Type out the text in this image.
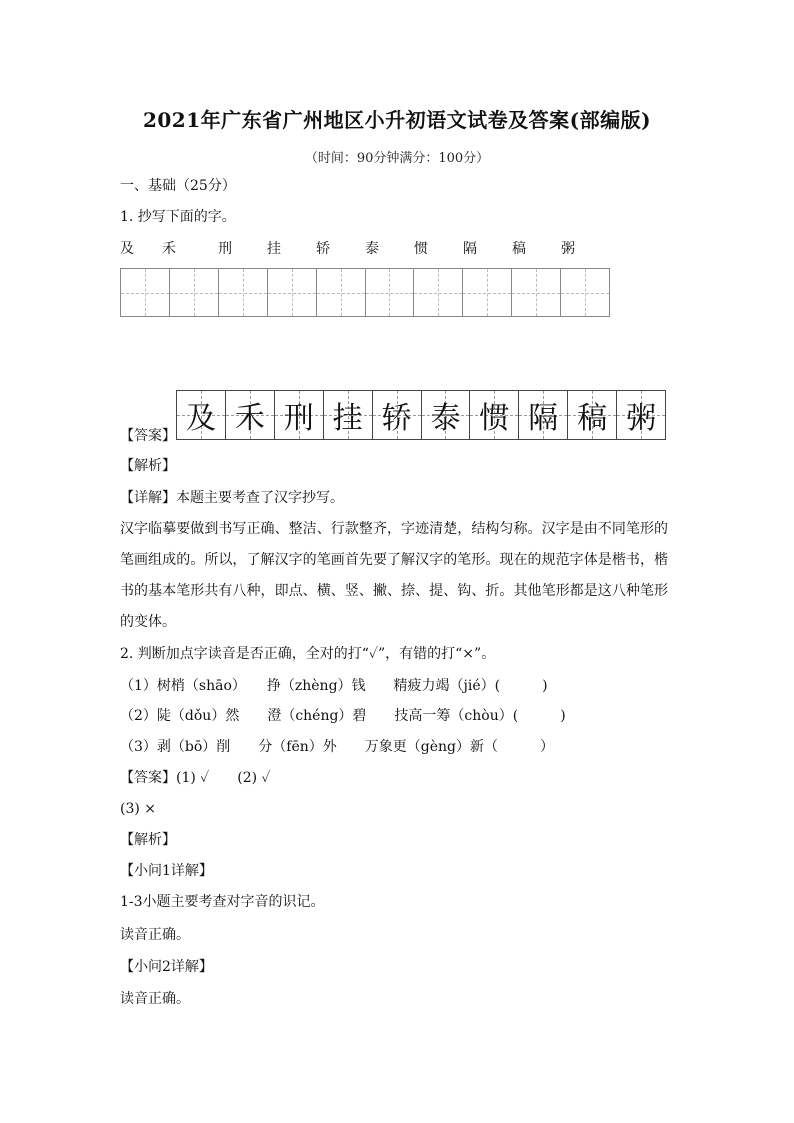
2021年广东省广州地区小升初语文试卷及答案(部编版)
（时间：90分钟满分：100分）
一、基础（25分）
1. 抄写下面的字。
及 禾	刑	挂	轿	泰	惯	隔	稿	粥
【答案】 及 禾 刑 挂 轿 泰 惯 隔 稿 粥
【解析】
【详解】本题主要考查了汉字抄写。
汉字临摹要做到书写正确、整洁、行款整齐，字迹清楚，结构匀称。汉字是由不同笔形的笔画组成的。所以，了解汉字的笔画首先要了解汉字的笔形。现在的规范字体是楷书，楷书的基本笔形共有八种，即点、横、竖、撇、捺、提、钩、折。其他笔形都是这八种笔形的变体。
2. 判断加点字读音是否正确，全对的打“✓”，有错的打“×”。
（1）树梢（shāo）　　挣（zhèng）钱　　精疲力竭（jié）(　　　)
（2）陡（dǒu）然　　澄（chéng）碧　　技高一筹（chòu）(　　　)
（3）剥（bō）削　　分（fēn）外　　万象更（gèng）新（　　　）
【答案】(1) ✓　　(2) ✓
(3) ×
【解析】
【小问1详解】
1-3小题主要考查对字音的识记。
读音正确。
【小问2详解】
读音正确。
